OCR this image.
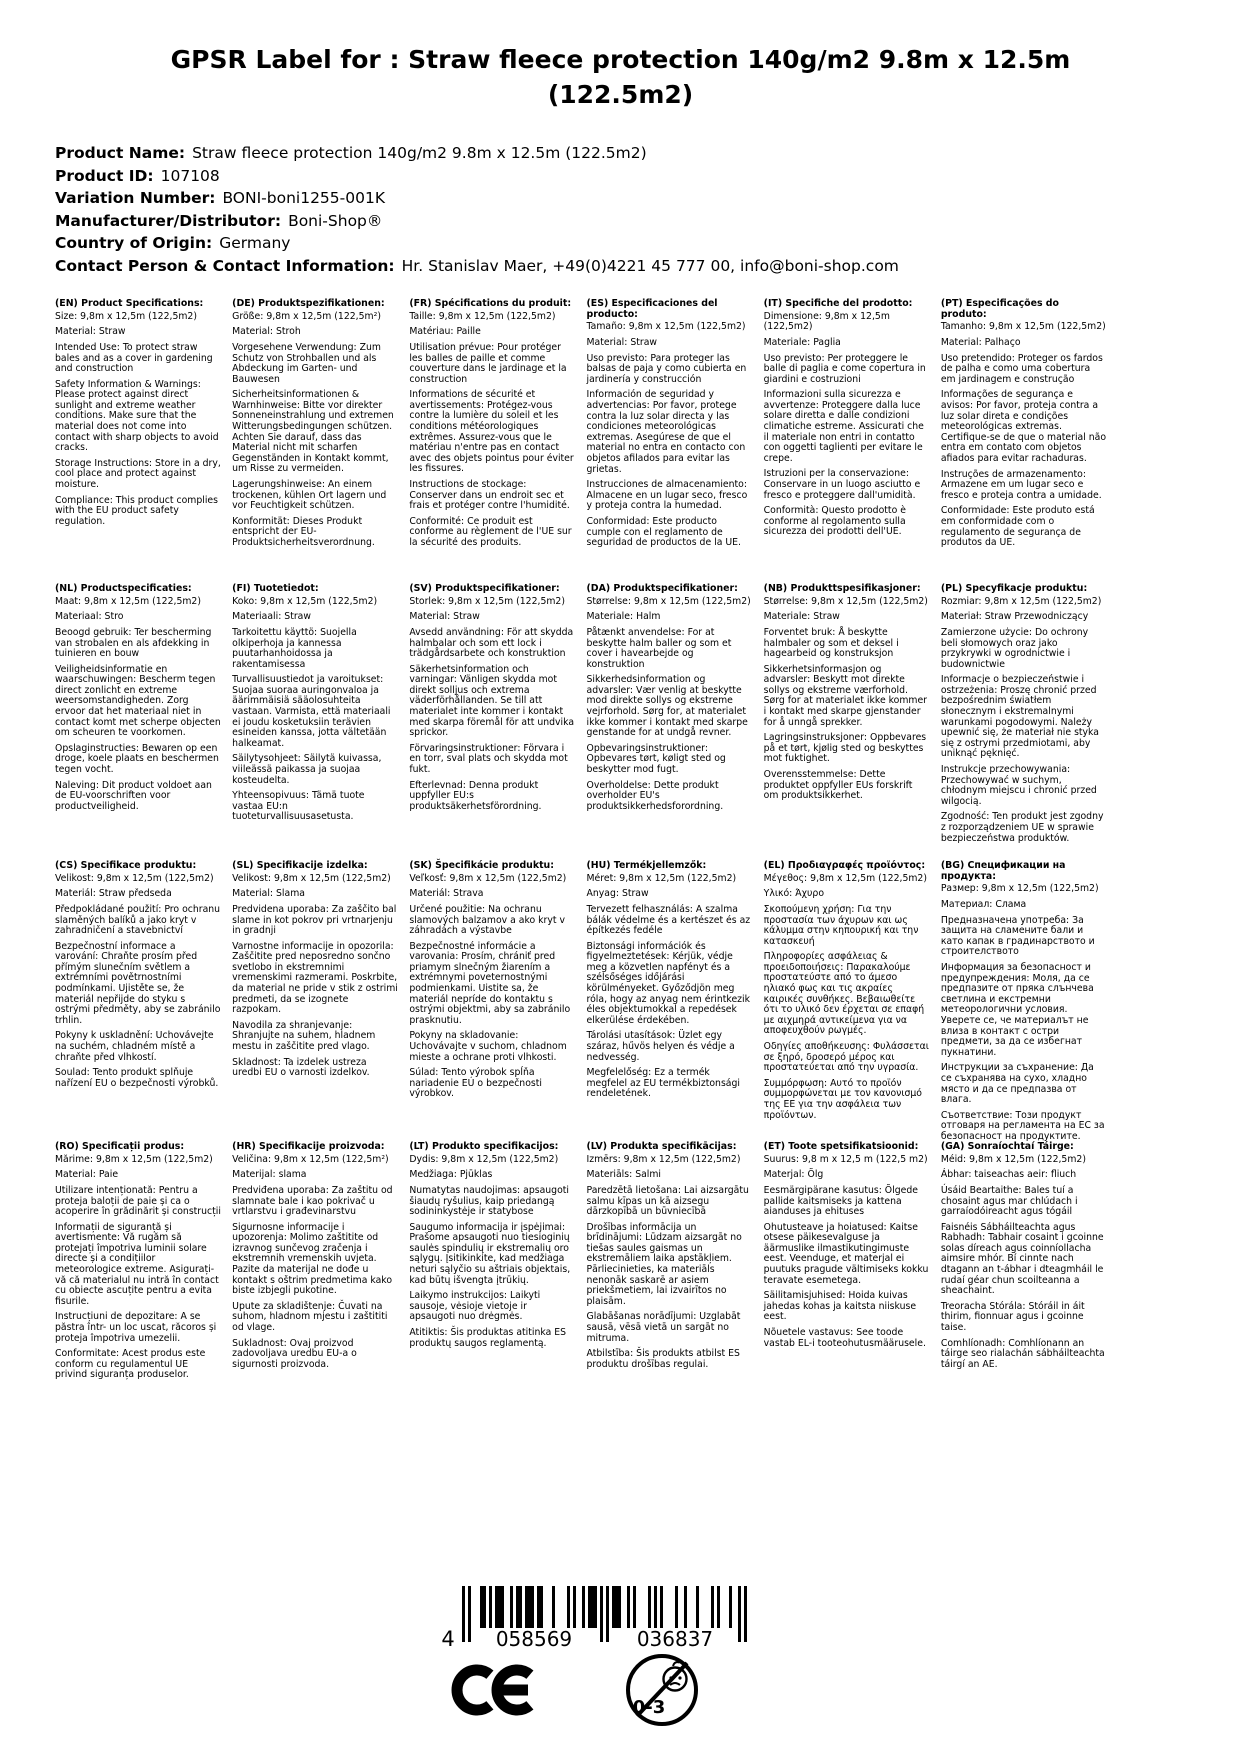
GPSR Label for : Straw fleece protection 140g/m2 9.8m x 12.5m (122.5m2)
Product Name: Straw fleece protection 140g/m2 9.8m x 12.5m (122.5m2)
Product ID: 107108
Variation Number: BONI-boni1255-001K
Manufacturer/Distributor: Boni-Shop®
Country of Origin: Germany
Contact Person & Contact Information: Hr. Stanislav Maer, +49(0)4221 45 777 00, info@boni-shop.com
(EN) Product Specifications:

Size: 9,8m x 12,5m (122,5m2)

Material: Straw

Intended Use: To protect straw bales and as a cover in gardening and construction

Safety Information & Warnings: Please protect against direct sunlight and extreme weather conditions. Make sure that the material does not come into contact with sharp objects to avoid cracks.

Storage Instructions: Store in a dry, cool place and protect against moisture.

Compliance: This product complies with the EU product safety regulation.

(DE) Produktspezifikationen:

Größe: 9,8m x 12,5m (122,5m²)

Material: Stroh

Vorgesehene Verwendung: Zum Schutz von Strohballen und als Abdeckung im Garten- und Bauwesen

Sicherheitsinformationen & Warnhinweise: Bitte vor direkter Sonneneinstrahlung und extremen Witterungsbedingungen schützen. Achten Sie darauf, dass das Material nicht mit scharfen Gegenständen in Kontakt kommt, um Risse zu vermeiden.

Lagerungshinweise: An einem trockenen, kühlen Ort lagern und vor Feuchtigkeit schützen.

Konformität: Dieses Produkt entspricht der EU-Produktsicherheitsverordnung.

(FR) Spécifications du produit:

Taille: 9,8m x 12,5m (122,5m2)

Matériau: Paille

Utilisation prévue: Pour protéger les balles de paille et comme couverture dans le jardinage et la construction

Informations de sécurité et avertissements: Protégez-vous contre la lumière du soleil et les conditions météorologiques extrêmes. Assurez-vous que le matériau n'entre pas en contact avec des objets pointus pour éviter les fissures.

Instructions de stockage: Conserver dans un endroit sec et frais et protéger contre l'humidité.

Conformité: Ce produit est conforme au règlement de l'UE sur la sécurité des produits.

(ES) Especificaciones del producto:

Tamaño: 9,8m x 12,5m (122,5m2)

Material: Straw

Uso previsto: Para proteger las balsas de paja y como cubierta en jardinería y construcción

Información de seguridad y advertencias: Por favor, protege contra la luz solar directa y las condiciones meteorológicas extremas. Asegúrese de que el material no entra en contacto con objetos afilados para evitar las grietas.

Instrucciones de almacenamiento: Almacene en un lugar seco, fresco y proteja contra la humedad.

Conformidad: Este producto cumple con el reglamento de seguridad de productos de la UE.

(IT) Specifiche del prodotto:

Dimensione: 9,8m x 12,5m (122,5m2)

Materiale: Paglia

Uso previsto: Per proteggere le balle di paglia e come copertura in giardini e costruzioni

Informazioni sulla sicurezza e avvertenze: Proteggere dalla luce solare diretta e dalle condizioni climatiche estreme. Assicurati che il materiale non entri in contatto con oggetti taglienti per evitare le crepe.

Istruzioni per la conservazione: Conservare in un luogo asciutto e fresco e proteggere dall'umidità.

Conformità: Questo prodotto è conforme al regolamento sulla sicurezza dei prodotti dell'UE.

(PT) Especificações do produto:

Tamanho: 9,8m x 12,5m (122,5m2)

Material: Palhaço

Uso pretendido: Proteger os fardos de palha e como uma cobertura em jardinagem e construção

Informações de segurança e avisos: Por favor, proteja contra a luz solar direta e condições meteorológicas extremas. Certifique-se de que o material não entra em contato com objetos afiados para evitar rachaduras.

Instruções de armazenamento: Armazene em um lugar seco e fresco e proteja contra a umidade.

Conformidade: Este produto está em conformidade com o regulamento de segurança de produtos da UE.

(NL) Productspecificaties:

Maat: 9,8m x 12,5m (122,5m2)

Materiaal: Stro

Beoogd gebruik: Ter bescherming van strobalen en als afdekking in tuinieren en bouw

Veiligheidsinformatie en waarschuwingen: Bescherm tegen direct zonlicht en extreme weersomstandigheden. Zorg ervoor dat het materiaal niet in contact komt met scherpe objecten om scheuren te voorkomen.

Opslaginstructies: Bewaren op een droge, koele plaats en beschermen tegen vocht.

Naleving: Dit product voldoet aan de EU-voorschriften voor productveiligheid.

(FI) Tuotetiedot:

Koko: 9,8m x 12,5m (122,5m2)

Materiaali: Straw

Tarkoitettu käyttö: Suojella olkiperhoja ja kannessa puutarhanhoidossa ja rakentamisessa

Turvallisuustiedot ja varoitukset: Suojaa suoraa auringonvaloa ja äärimmäisiä sääolosuhteita vastaan. Varmista, että materiaali ei joudu kosketuksiin terävien esineiden kanssa, jotta vältetään halkeamat.

Säilytysohjeet: Säilytä kuivassa, viileässä paikassa ja suojaa kosteudelta.

Yhteensopivuus: Tämä tuote vastaa EU:n tuoteturvallisuusasetusta.

(SV) Produktspecifikationer:

Storlek: 9,8m x 12,5m (122,5m2)

Material: Straw

Avsedd användning: För att skydda halmbalar och som ett lock i trädgårdsarbete och konstruktion

Säkerhetsinformation och varningar: Vänligen skydda mot direkt solljus och extrema väderförhållanden. Se till att materialet inte kommer i kontakt med skarpa föremål för att undvika sprickor.

Förvaringsinstruktioner: Förvara i en torr, sval plats och skydda mot fukt.

Efterlevnad: Denna produkt uppfyller EU:s produktsäkerhetsförordning.

(DA) Produktspecifikationer:

Størrelse: 9,8m x 12,5m (122,5m2)

Materiale: Halm

Påtænkt anvendelse: For at beskytte halm baller og som et cover i havearbejde og konstruktion

Sikkerhedsinformation og advarsler: Vær venlig at beskytte mod direkte sollys og ekstreme vejrforhold. Sørg for, at materialet ikke kommer i kontakt med skarpe genstande for at undgå revner.

Opbevaringsinstruktioner: Opbevares tørt, køligt sted og beskytter mod fugt.

Overholdelse: Dette produkt overholder EU's produktsikkerhedsforordning.

(NB) Produkttspesifikasjoner:

Størrelse: 9,8m x 12,5m (122,5m2)

Materiale: Straw

Forventet bruk: Å beskytte halmbaler og som et deksel i hagearbeid og konstruksjon

Sikkerhetsinformasjon og advarsler: Beskytt mot direkte sollys og ekstreme værforhold. Sørg for at materialet ikke kommer i kontakt med skarpe gjenstander for å unngå sprekker.

Lagringsinstruksjoner: Oppbevares på et tørt, kjølig sted og beskyttes mot fuktighet.

Overensstemmelse: Dette produktet oppfyller EUs forskrift om produktsikkerhet.

(PL) Specyfikacje produktu:

Rozmiar: 9,8m x 12,5m (122,5m2)

Materiał: Straw Przewodniczący

Zamierzone użycie: Do ochrony beli słomowych oraz jako przykrywki w ogrodnictwie i budownictwie

Informacje o bezpieczeństwie i ostrzeżenia: Proszę chronić przed bezpośrednim światłem słonecznym i ekstremalnymi warunkami pogodowymi. Należy upewnić się, że materiał nie styka się z ostrymi przedmiotami, aby uniknąć pęknięć.

Instrukcje przechowywania: Przechowywać w suchym, chłodnym miejscu i chronić przed wilgocią.

Zgodność: Ten produkt jest zgodny z rozporządzeniem UE w sprawie bezpieczeństwa produktów.

(CS) Specifikace produktu:

Velikost: 9,8m x 12,5m (122,5m2)

Materiál: Straw předseda

Předpokládané použití: Pro ochranu slaměných balíků a jako kryt v zahradničení a stavebnictví

Bezpečnostní informace a varování: Chraňte prosím před přímým slunečním světlem a extrémními povětrnostními podmínkami. Ujistěte se, že materiál nepřijde do styku s ostrými předměty, aby se zabránilo trhlin.

Pokyny k uskladnění: Uchovávejte na suchém, chladném místě a chraňte před vlhkostí.

Soulad: Tento produkt splňuje nařízení EU o bezpečnosti výrobků.

(SL) Specifikacije izdelka:

Velikost: 9,8m x 12,5m (122,5m2)

Material: Slama

Predvidena uporaba: Za zaščito bal slame in kot pokrov pri vrtnarjenju in gradnji

Varnostne informacije in opozorila: Zaščitite pred neposredno sončno svetlobo in ekstremnimi vremenskimi razmerami. Poskrbite, da material ne pride v stik z ostrimi predmeti, da se izognete razpokam.

Navodila za shranjevanje: Shranjujte na suhem, hladnem mestu in zaščitite pred vlago.

Skladnost: Ta izdelek ustreza uredbi EU o varnosti izdelkov.

(SK) Špecifikácie produktu:

Veľkosť: 9,8m x 12,5m (122,5m2)

Materiál: Strava

Určené použitie: Na ochranu slamových balzamov a ako kryt v záhradách a výstavbe

Bezpečnostné informácie a varovania: Prosím, chrániť pred priamym slnečným žiarením a extrémnymi poveternostnými podmienkami. Uistite sa, že materiál nepríde do kontaktu s ostrými objektmi, aby sa zabránilo prasknutiu.

Pokyny na skladovanie: Uchovávajte v suchom, chladnom mieste a ochrane proti vlhkosti.

Súlad: Tento výrobok spĺňa nariadenie EÚ o bezpečnosti výrobkov.

(HU) Termékjellemzők:

Méret: 9,8m x 12,5m (122,5m2)

Anyag: Straw

Tervezett felhasználás: A szalma bálák védelme és a kertészet és az építkezés fedéle

Biztonsági információk és figyelmeztetések: Kérjük, védje meg a közvetlen napfényt és a szélsőséges időjárási körülményeket. Győződjön meg róla, hogy az anyag nem érintkezik éles objektumokkal a repedések elkerülése érdekében.

Tárolási utasítások: Üzlet egy száraz, hűvös helyen és védje a nedvesség.

Megfelelőség: Ez a termék megfelel az EU termékbiztonsági rendeletének.

(EL) Προδιαγραφές προϊόντος:

Μέγεθος: 9,8m x 12,5m (122,5m2)

Υλικό: Άχυρο

Σκοπούμενη χρήση: Για την προστασία των άχυρων και ως κάλυμμα στην κηπουρική και την κατασκευή

Πληροφορίες ασφάλειας & προειδοποιήσεις: Παρακαλούμε προστατεύστε από το άμεσο ηλιακό φως και τις ακραίες καιρικές συνθήκες. Βεβαιωθείτε ότι το υλικό δεν έρχεται σε επαφή με αιχμηρά αντικείμενα για να αποφευχθούν ρωγμές.

Οδηγίες αποθήκευσης: Φυλάσσεται σε ξηρό, δροσερό μέρος και προστατεύεται από την υγρασία.

Συμμόρφωση: Αυτό το προϊόν συμμορφώνεται με τον κανονισμό της ΕΕ για την ασφάλεια των προϊόντων.

(BG) Спецификации на продукта:

Размер: 9,8m x 12,5m (122,5m2)

Материал: Слама

Предназначена употреба: За защита на сламените бали и като капак в градинарството и строителството

Информация за безопасност и предупреждения: Моля, да се предпазите от пряка слънчева светлина и екстремни метеорологични условия. Уверете се, че материалът не влиза в контакт с остри предмети, за да се избегнат пукнатини.

Инструкции за съхранение: Да се съхранява на сухо, хладно място и да се предпазва от влага.

Съответствие: Този продукт отговаря на регламента на ЕС за безопасност на продуктите.

(RO) Specificații produs:

Mărime: 9,8m x 12,5m (122,5m2)

Material: Paie

Utilizare intenționată: Pentru a proteja baloții de paie și ca o acoperire în grădinărit și construcții

Informații de siguranță și avertismente: Vă rugăm să protejați împotriva luminii solare directe și a condițiilor meteorologice extreme. Asigurați-vă că materialul nu intră în contact cu obiecte ascuțite pentru a evita fisurile.

Instrucțiuni de depozitare: A se păstra într- un loc uscat, răcoros și proteja împotriva umezelii.

Conformitate: Acest produs este conform cu regulamentul UE privind siguranța produselor.

(HR) Specifikacije proizvoda:

Veličina: 9,8m x 12,5m (122,5m²)

Materijal: slama

Predviđena uporaba: Za zaštitu od slamnate bale i kao pokrivač u vrtlarstvu i građevinarstvu

Sigurnosne informacije i upozorenja: Molimo zaštitite od izravnog sunčevog zračenja i ekstremnih vremenskih uvjeta. Pazite da materijal ne dođe u kontakt s oštrim predmetima kako biste izbjegli pukotine.

Upute za skladištenje: Čuvati na suhom, hladnom mjestu i zaštititi od vlage.

Sukladnost: Ovaj proizvod zadovoljava uredbu EU-a o sigurnosti proizvoda.

(LT) Produkto specifikacijos:

Dydis: 9,8m x 12,5m (122,5m2)

Medžiaga: Pjūklas

Numatytas naudojimas: apsaugoti šiaudų ryšulius, kaip priedangą sodininkystėje ir statybose

Saugumo informacija ir įspėjimai: Prašome apsaugoti nuo tiesioginių saulės spindulių ir ekstremalių oro sąlygų. Įsitikinkite, kad medžiaga neturi sąlyčio su aštriais objektais, kad būtų išvengta įtrūkių.

Laikymo instrukcijos: Laikyti sausoje, vėsioje vietoje ir apsaugoti nuo drėgmės.

Atitiktis: Šis produktas atitinka ES produktų saugos reglamentą.

(LV) Produkta specifikācijas:

Izmērs: 9,8m x 12,5m (122,5m2)

Materiāls: Salmi

Paredzētā lietošana: Lai aizsargātu salmu kīpas un kā aizsegu dārzkopībā un būvniecībā

Drošības informācija un brīdinājumi: Lūdzam aizsargāt no tiešas saules gaismas un ekstremāliem laika apstākļiem. Pārliecinieties, ka materiāls nenonāk saskarē ar asiem priekšmetiem, lai izvairītos no plaisām.

Glabāšanas norādījumi: Uzglabāt sausā, vēsā vietā un sargāt no mitruma.

Atbilstība: Šis produkts atbilst ES produktu drošības regulai.

(ET) Toote spetsifikatsioonid:

Suurus: 9,8 m x 12,5 m (122,5 m2)

Materjal: Õlg

Eesmärgipärane kasutus: Õlgede pallide kaitsmiseks ja kattena aianduses ja ehituses

Ohutusteave ja hoiatused: Kaitse otsese päikesevalguse ja äärmuslike ilmastikutingimuste eest. Veenduge, et materjal ei puutuks pragude vältimiseks kokku teravate esemetega.

Säilitamisjuhised: Hoida kuivas jahedas kohas ja kaitsta niiskuse eest.

Nõuetele vastavus: See toode vastab EL-i tooteohutusmäärusele.

(GA) Sonraíochtaí Táirge:

Méid: 9,8m x 12,5m (122,5m2)

Ábhar: taiseachas aeir: fliuch

Úsáid Beartaithe: Bales tuí a chosaint agus mar chlúdach i garraíodóireacht agus tógáil

Faisnéis Sábháilteachta agus Rabhadh: Tabhair cosaint i gcoinne solas díreach agus coinníollacha aimsire mhór. Bí cinnte nach dtagann an t-ábhar i dteagmháil le rudaí géar chun scoilteanna a sheachaint.

Treoracha Stórála: Stóráil in áit thirim, fionnuar agus i gcoinne taise.

Comhlíonadh: Comhlíonann an táirge seo rialachán sábháilteachta táirgí an AE.

4 058569	036837
0-3
